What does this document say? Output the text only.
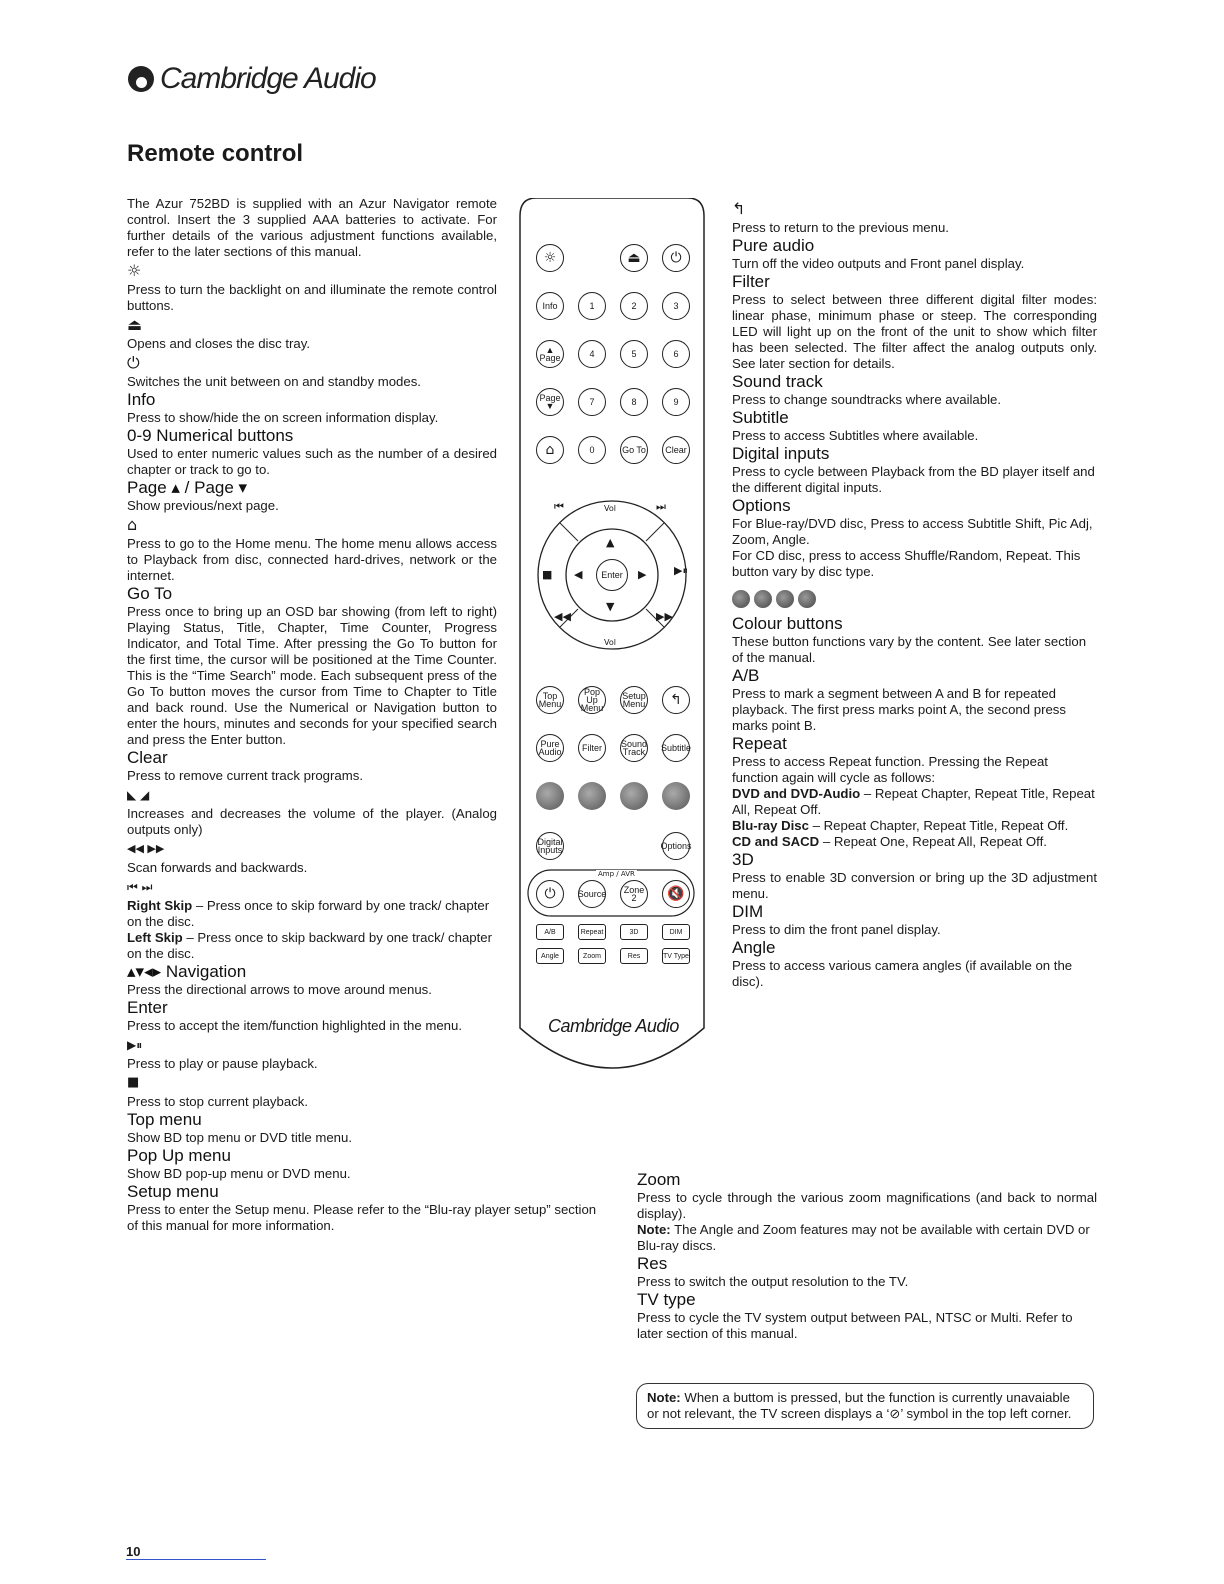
Cambridge Audio
Remote control

The Azur 752BD is supplied with an Azur Navigator remote control. Insert the 3 supplied AAA batteries to activate. For further details of the various adjustment functions available, refer to the later sections of this manual.

☼

Press to turn the backlight on and illuminate the remote control buttons.

⏏

Opens and closes the disc tray.

⏻

Switches the unit between on and standby modes.

Info

Press to show/hide the on screen information display.

0-9 Numerical buttons

Used to enter numeric values such as the number of a desired chapter or track to go to.

Page ▴ / Page ▾

Show previous/next page.

⌂

Press to go to the Home menu. The home menu allows access to Playback from disc, connected hard-drives, network or the internet.

Go To

Press once to bring up an OSD bar showing (from left to right) Playing Status, Title, Chapter, Time Counter, Progress Indicator, and Total Time. After pressing the Go To button for the first time, the cursor will be positioned at the Time Counter. This is the “Time Search” mode. Each subsequent press of the Go To button moves the cursor from Time to Chapter to Title and back round. Use the Numerical or Navigation button to enter the hours, minutes and seconds for your specified search and press the Enter button.

Clear

Press to remove current track programs.

◣ ◢

Increases and decreases the volume of the player. (Analog outputs only)

◀◀ ▶▶

Scan forwards and backwards.

⏮ ⏭

Right Skip – Press once to skip forward by one track/ chapter on the disc.

Left Skip – Press once to skip backward by one track/ chapter on the disc.

▴▾◂▸ Navigation

Press the directional arrows to move around menus.

Enter

Press to accept the item/function highlighted in the menu.

▶⏸

Press to play or pause playback.

■

Press to stop current playback.

Top menu

Show BD top menu or DVD title menu.

Pop Up menu

Show BD pop-up menu or DVD menu.

Setup menu

Press to enter the Setup menu. Please refer to the “Blu-ray player setup” section of this manual for more information.

☼	⏏ ⏻
Info	1	2	3
▲ Page	4	5	6
Page ▼	7	8	9
⌂	0	Go To	Clear
Vol
Vol
⏮	⏭
◀◀	▶▶
■	▶⏸
▲
▼
◀	▶
Enter
Top Menu
Pop Up Menu
Setup Menu ↰
Pure Audio	Filter	Sound Track	Subtitle
Digital Inputs	Options
Amp / AVR
⏻ Source	Zone 2	🔇
A/B	Repeat	3D	DIM
Angle	Zoom	Res	TV Type
Cambridge Audio
↰

Press to return to the previous menu.

Pure audio

Turn off the video outputs and Front panel display.

Filter

Press to select between three different digital filter modes: linear phase, minimum phase or steep. The corresponding LED will light up on the front of the unit to show which filter has been selected. The filter affect the analog outputs only. See later section for details.

Sound track

Press to change soundtracks where available.

Subtitle

Press to access Subtitles where available.

Digital inputs

Press to cycle between Playback from the BD player itself and the different digital inputs.

Options

For Blue-ray/DVD disc, Press to access Subtitle Shift, Pic Adj, Zoom, Angle.

For CD disc, press to access Shuffle/Random, Repeat. This button vary by disc type.

Colour buttons

These button functions vary by the content. See later section of the manual.

A/B

Press to mark a segment between A and B for repeated playback. The first press marks point A, the second press marks point B.

Repeat

Press to access Repeat function. Pressing the Repeat function again will cycle as follows:

DVD and DVD-Audio – Repeat Chapter, Repeat Title, Repeat All, Repeat Off.

Blu-ray Disc – Repeat Chapter, Repeat Title, Repeat Off.

CD and SACD – Repeat One, Repeat All, Repeat Off.

3D

Press to enable 3D conversion or bring up the 3D adjustment menu.

DIM

Press to dim the front panel display.

Angle

Press to access various camera angles (if available on the disc).

Zoom

Press to cycle through the various zoom magnifications (and back to normal display).

Note: The Angle and Zoom features may not be available with certain DVD or Blu-ray discs.

Res

Press to switch the output resolution to the TV.

TV type

Press to cycle the TV system output between PAL, NTSC or Multi. Refer to later section of this manual.

Note: When a buttom is pressed, but the function is currently unavaiable or not relevant, the TV screen displays a ‘⊘’ symbol in the top left corner.
10
